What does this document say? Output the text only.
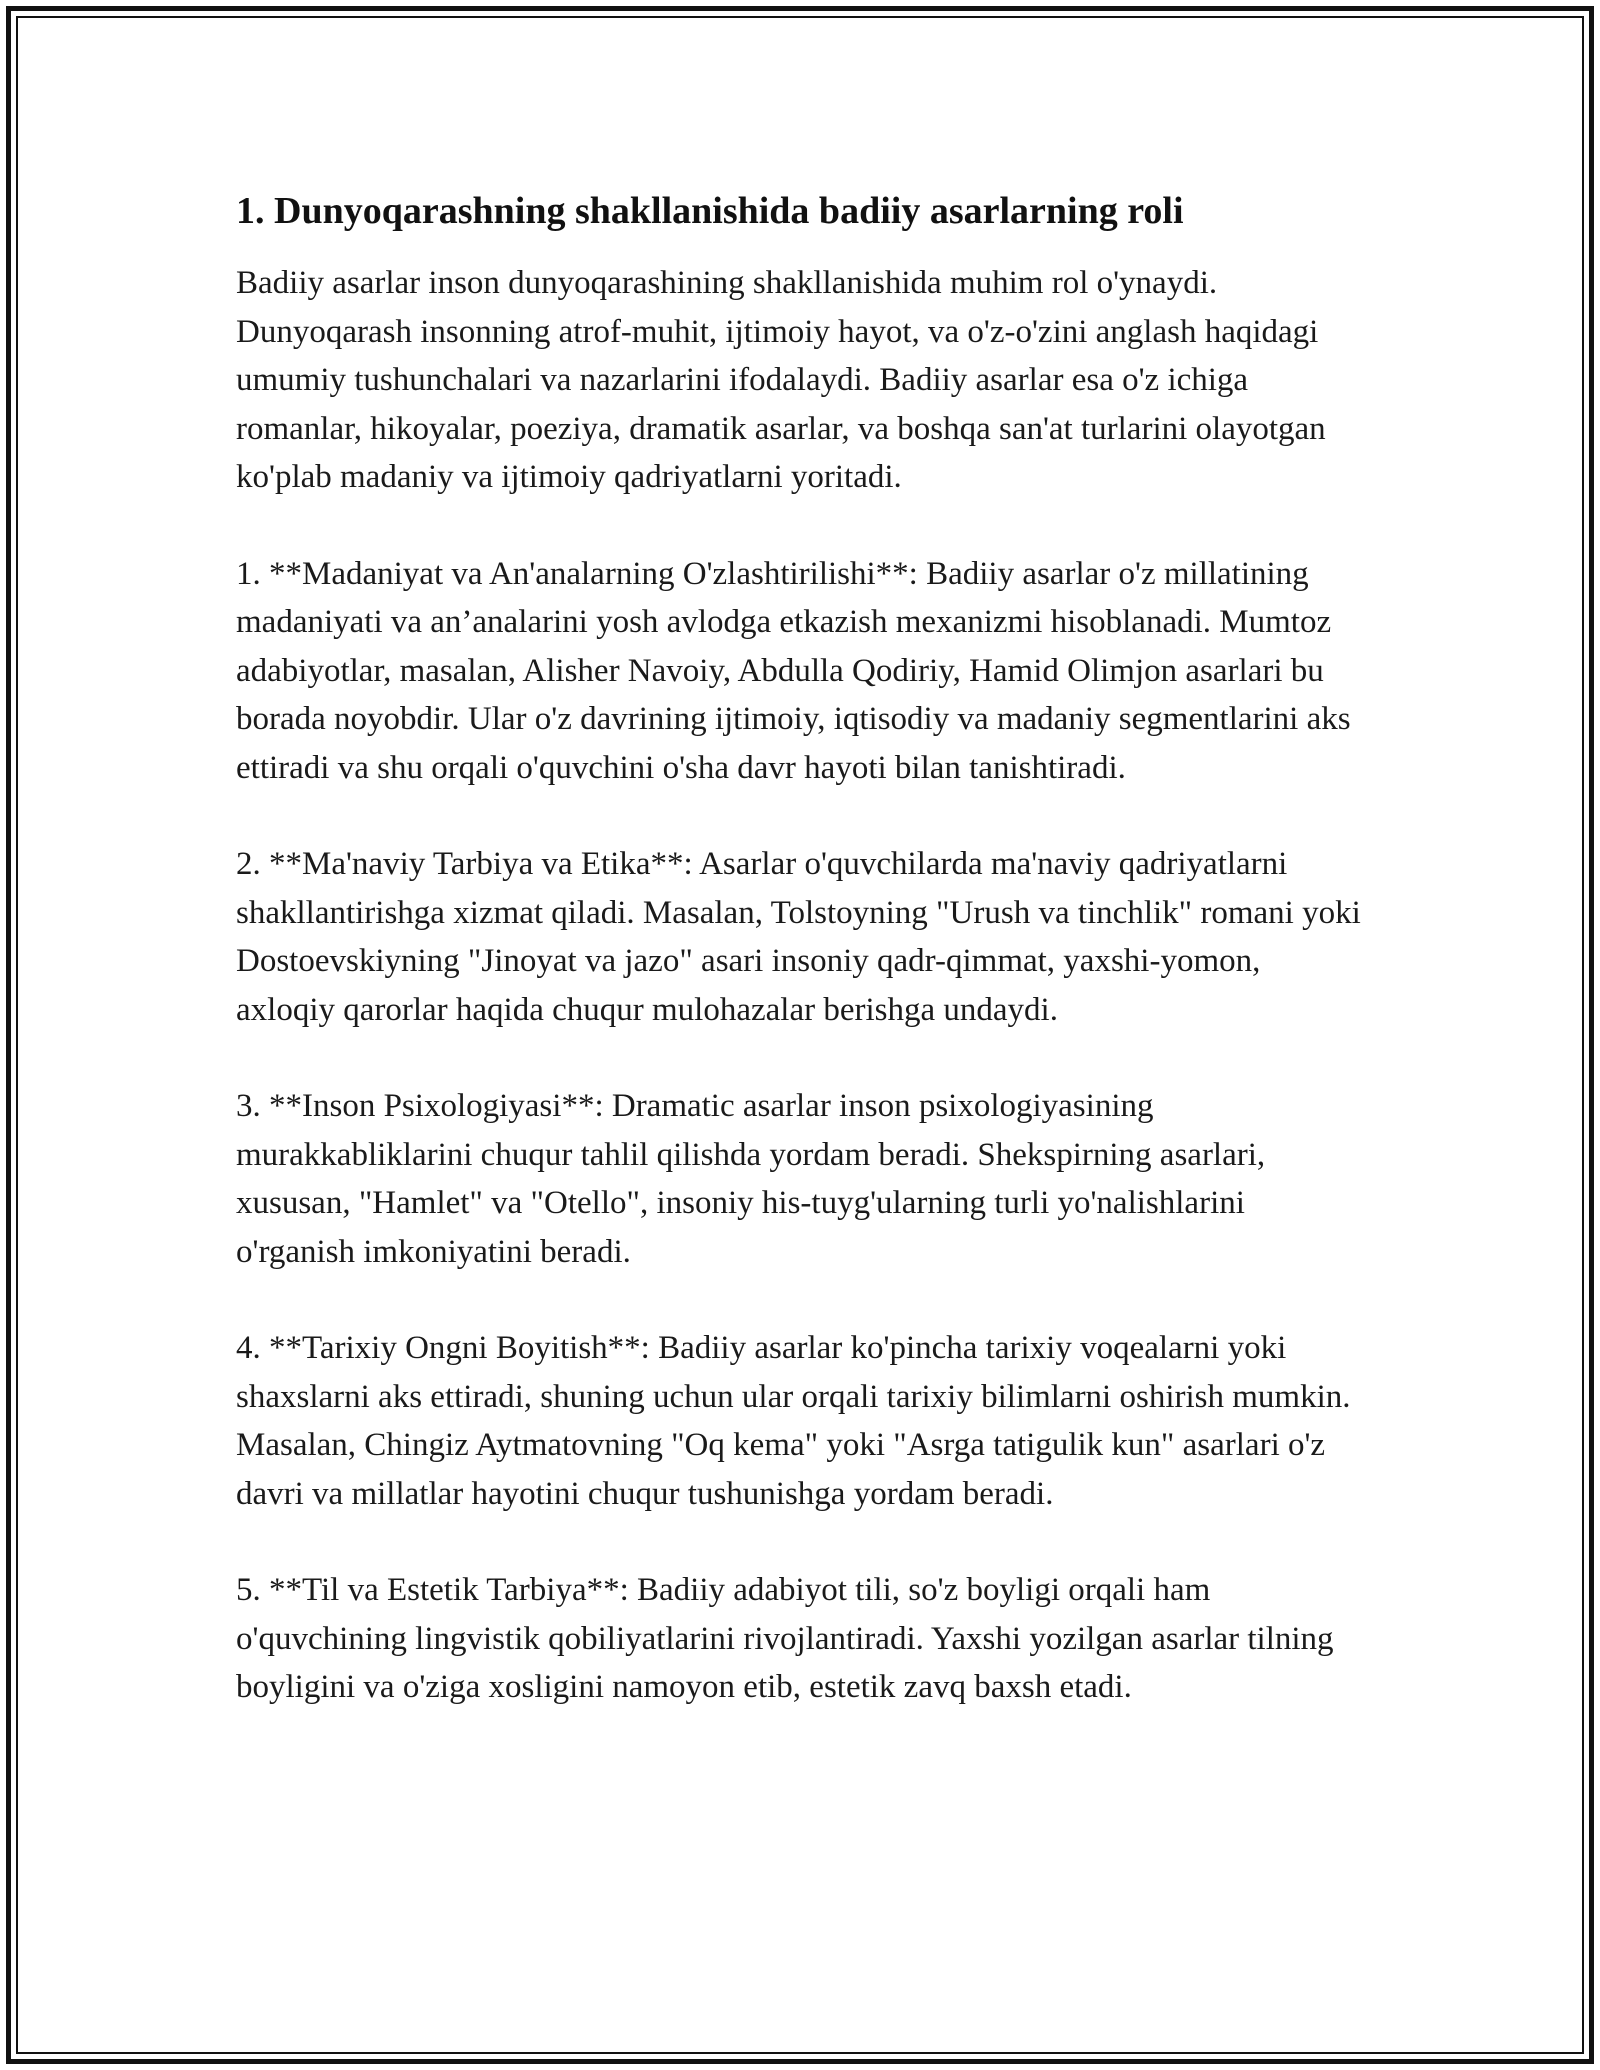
1. Dunyoqarashning shakllanishida badiiy asarlarning roli

Badiiy asarlar inson dunyoqarashining shakllanishida muhim rol o'ynaydi. Dunyoqarash insonning atrof-muhit, ijtimoiy hayot, va o'z-o'zini anglash haqidagi umumiy tushunchalari va nazarlarini ifodalaydi. Badiiy asarlar esa o'z ichiga romanlar, hikoyalar, poeziya, dramatik asarlar, va boshqa san'at turlarini olayotgan ko'plab madaniy va ijtimoiy qadriyatlarni yoritadi.

1. **Madaniyat va An'analarning O'zlashtirilishi**: Badiiy asarlar o'z millatining madaniyati va an’analarini yosh avlodga etkazish mexanizmi hisoblanadi. Mumtoz adabiyotlar, masalan, Alisher Navoiy, Abdulla Qodiriy, Hamid Olimjon asarlari bu borada noyobdir. Ular o'z davrining ijtimoiy, iqtisodiy va madaniy segmentlarini aks ettiradi va shu orqali o'quvchini o'sha davr hayoti bilan tanishtiradi.

2. **Ma'naviy Tarbiya va Etika**: Asarlar o'quvchilarda ma'naviy qadriyatlarni shakllantirishga xizmat qiladi. Masalan, Tolstoyning "Urush va tinchlik" romani yoki Dostoevskiyning "Jinoyat va jazo" asari insoniy qadr-qimmat, yaxshi-yomon, axloqiy qarorlar haqida chuqur mulohazalar berishga undaydi.

3. **Inson Psixologiyasi**: Dramatic asarlar inson psixologiyasining murakkabliklarini chuqur tahlil qilishda yordam beradi. Shekspirning asarlari, xususan, "Hamlet" va "Otello", insoniy his-tuyg'ularning turli yo'nalishlarini o'rganish imkoniyatini beradi.

4. **Tarixiy Ongni Boyitish**: Badiiy asarlar ko'pincha tarixiy voqealarni yoki shaxslarni aks ettiradi, shuning uchun ular orqali tarixiy bilimlarni oshirish mumkin. Masalan, Chingiz Aytmatovning "Oq kema" yoki "Asrga tatigulik kun" asarlari o'z davri va millatlar hayotini chuqur tushunishga yordam beradi.

5. **Til va Estetik Tarbiya**: Badiiy adabiyot tili, so'z boyligi orqali ham o'quvchining lingvistik qobiliyatlarini rivojlantiradi. Yaxshi yozilgan asarlar tilning boyligini va o'ziga xosligini namoyon etib, estetik zavq baxsh etadi.
